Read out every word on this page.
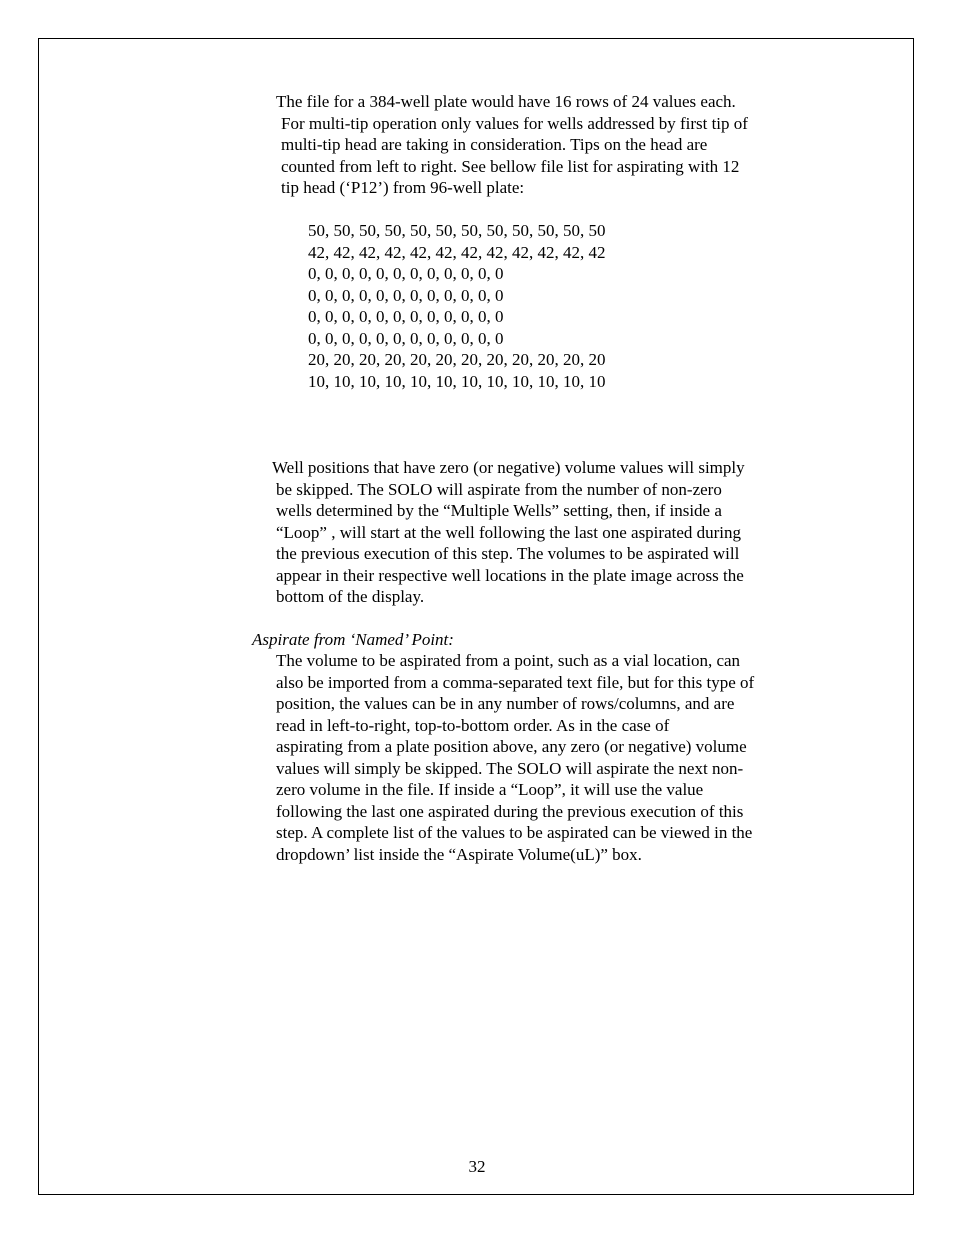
The file for a 384-well plate would have 16 rows of 24 values each.
For multi-tip operation only values for wells addressed by first tip of
multi-tip head are taking in consideration. Tips on the head are
counted from left to right. See bellow file list for aspirating with 12
tip head (‘P12’) from 96-well plate:
50, 50, 50, 50, 50, 50, 50, 50, 50, 50, 50, 50
42, 42, 42, 42, 42, 42, 42, 42, 42, 42, 42, 42
0, 0, 0, 0, 0, 0, 0, 0, 0, 0, 0, 0
0, 0, 0, 0, 0, 0, 0, 0, 0, 0, 0, 0
0, 0, 0, 0, 0, 0, 0, 0, 0, 0, 0, 0
0, 0, 0, 0, 0, 0, 0, 0, 0, 0, 0, 0
20, 20, 20, 20, 20, 20, 20, 20, 20, 20, 20, 20
10, 10, 10, 10, 10, 10, 10, 10, 10, 10, 10, 10
Well positions that have zero (or negative) volume values will simply
be skipped. The SOLO will aspirate from the number of non-zero
wells determined by the “Multiple Wells” setting, then, if inside a
“Loop” , will start at the well following the last one aspirated during
the previous execution of this step. The volumes to be aspirated will
appear in their respective well locations in the plate image across the
bottom of the display.
Aspirate from ‘Named’ Point:
The volume to be aspirated from a point, such as a vial location, can
also be imported from a comma-separated text file, but for this type of
position, the values can be in any number of rows/columns, and are
read in left-to-right, top-to-bottom order. As in the case of
aspirating from a plate position above, any zero (or negative) volume
values will simply be skipped. The SOLO will aspirate the next non-
zero volume in the file. If inside a “Loop”, it will use the value
following the last one aspirated during the previous execution of this
step. A complete list of the values to be aspirated can be viewed in the
dropdown’ list inside the “Aspirate Volume(uL)” box.
32
